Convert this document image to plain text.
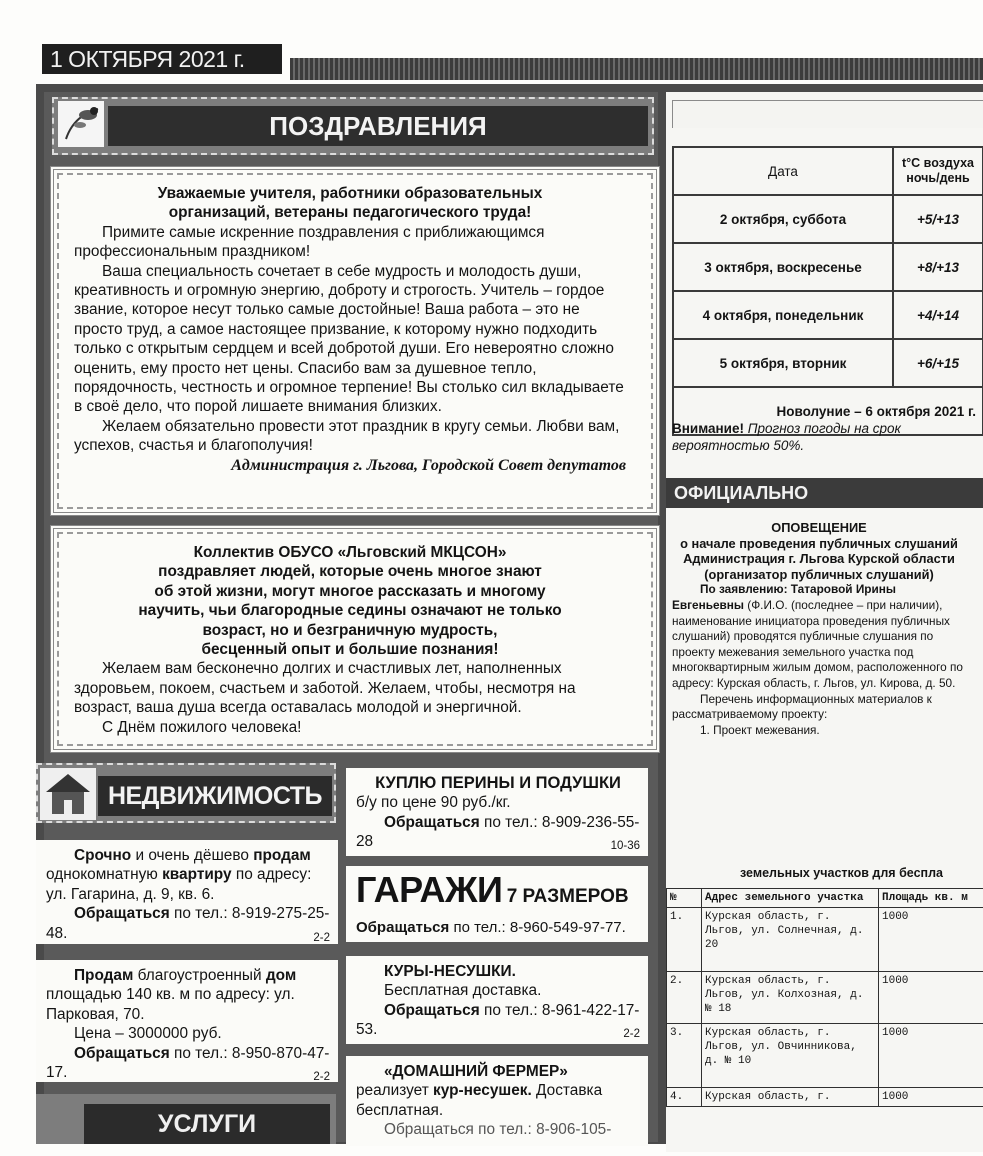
1 ОКТЯБРЯ 2021 г.
ПОЗДРАВЛЕНИЯ

Уважаемые учителя, работники образовательных

организаций, ветераны педагогического труда!

Примите самые искренние поздравления с приближающимся профессиональным праздником!

Ваша специальность сочетает в себе мудрость и молодость души, креативность и огромную энергию, доброту и строгость. Учитель – гордое звание, которое несут только самые достойные! Ваша работа – это не просто труд, а самое настоящее призвание, к которому нужно подходить только с открытым сердцем и всей добротой души. Его невероятно сложно оценить, ему просто нет цены. Спасибо вам за душевное тепло, порядочность, честность и огромное терпение! Вы столько сил вкладываете в своё дело, что порой лишаете внимания близких.

Желаем обязательно провести этот праздник в кругу семьи. Любви вам, успехов, счастья и благополучия!

Администрация г. Льгова, Городской Совет депутатов

Коллектив ОБУСО «Льговский МКЦСОН»

поздравляет людей, которые очень многое знают

об этой жизни, могут многое рассказать и многому

научить, чьи благородные седины означают не только

возраст, но и безграничную мудрость,

бесценный опыт и большие познания!

Желаем вам бесконечно долгих и счастливых лет, наполненных здоровьем, покоем, счастьем и заботой. Желаем, чтобы, несмотря на возраст, ваша душа всегда оставалась молодой и энергичной.

С Днём пожилого человека!

НЕДВИЖИМОСТЬ

Срочно и очень дёшево продам однокомнатную квартиру по адресу: ул. Гагарина, д. 9, кв. 6.

Обращаться по тел.: 8-919-275-25-48.	2-2

Продам благоустроенный дом площадью 140 кв. м по адресу: ул. Парковая, 70.

Цена – 3000000 руб.

Обращаться по тел.: 8-950-870-47-17.	2-2

УСЛУГИ

КУПЛЮ ПЕРИНЫ И ПОДУШКИ

б/у по цене 90 руб./кг.

Обращаться по тел.: 8-909-236-55-28	10-36

ГАРАЖИ 7 РАЗМЕРОВ

Обращаться по тел.: 8-960-549-97-77.

КУРЫ-НЕСУШКИ.

Бесплатная доставка.

Обращаться по тел.: 8-961-422-17-53.	2-2

«ДОМАШНИЙ ФЕРМЕР» реализует кур-несушек. Доставка бесплатная.

Обращаться по тел.: 8-906-105-

Дата	t°C воздуха ночь/день
2 октября, суббота	+5/+13
3 октября, воскресенье	+8/+13
4 октября, понедельник	+4/+14
5 октября, вторник	+6/+15
Новолуние – 6 октября 2021 г.	
Внимание! Прогноз погоды на срок вероятностью 50%.
ОФИЦИАЛЬНО

ОПОВЕЩЕНИЕ

о начале проведения публичных слушаний

Администрация г. Льгова Курской области

(организатор публичных слушаний)

По заявлению: Татаровой Ирины Евгеньевны (Ф.И.О. (последнее – при наличии), наименование инициатора проведения публичных слушаний) проводятся публичные слушания по проекту межевания земельного участка под многоквартирным жилым домом, расположенного по адресу: Курская область, г. Льгов, ул. Кирова, д. 50.

Перечень информационных материалов к рассматриваемому проекту:

1. Проект межевания.

земельных участков для беспла
№	Адрес земельного участка	Площадь кв. м
1.	Курская область, г. Льгов, ул. Солнечная, д. 20	1000
2.	Курская область, г. Льгов, ул. Колхозная, д. № 18	1000
3.	Курская область, г. Льгов, ул. Овчинникова, д. № 10	1000
4.	Курская область, г.	1000
